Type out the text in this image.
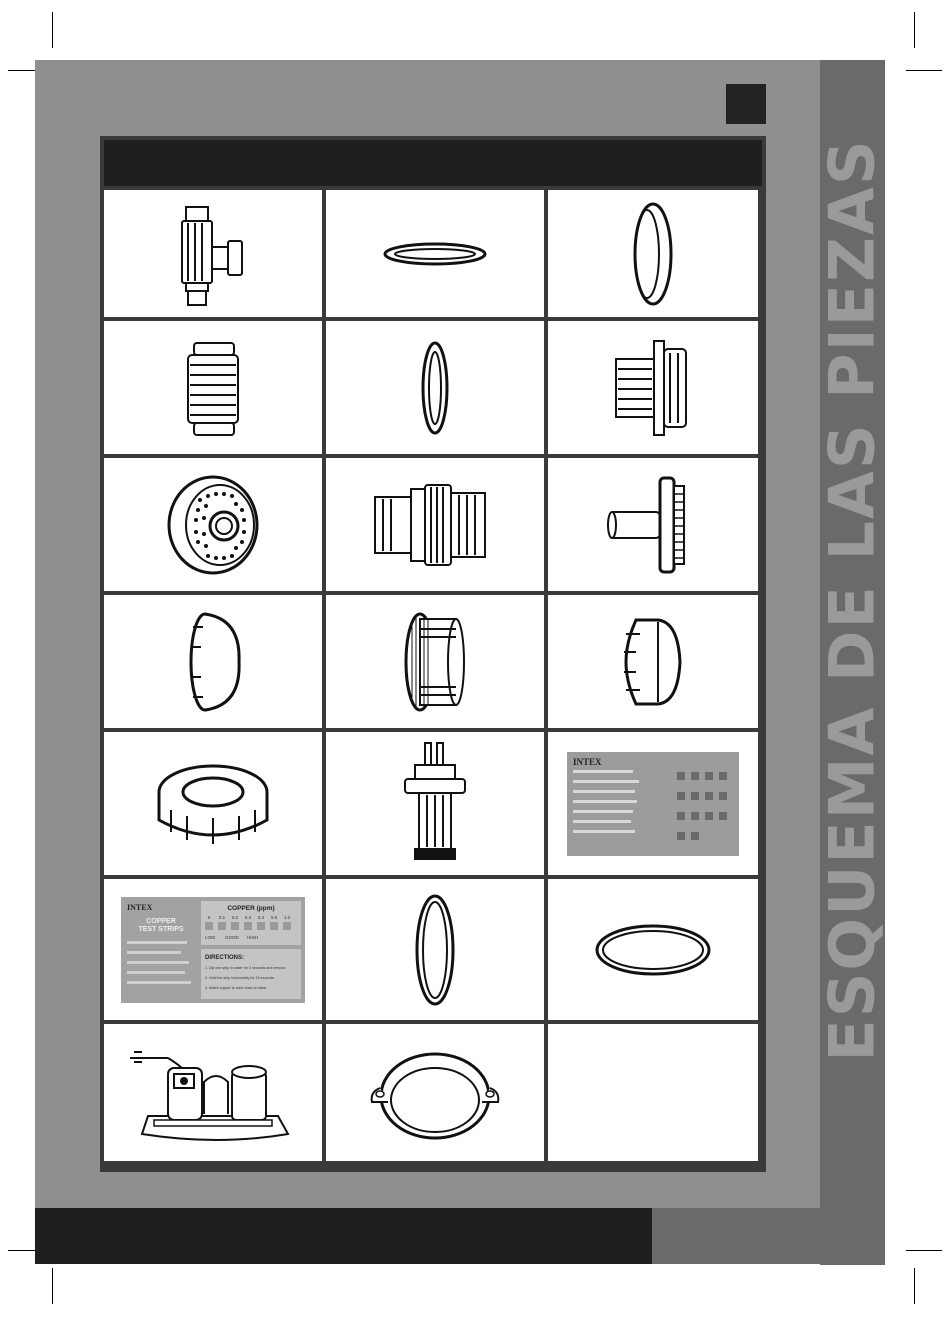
ESQUEMA DE LAS PIEZAS
INTEX
INTEX
COPPER
TEST STRIPS
COPPER (ppm)
0 0.1 0.2 0.3 0.4 0.6 1.0
LOW GOOD HIGH
DIRECTIONS:
1. Dip one strip in water for 2 seconds and remove.
2. Hold the strip horizontally for 15 seconds.
3. Match copper to color chart on label.
